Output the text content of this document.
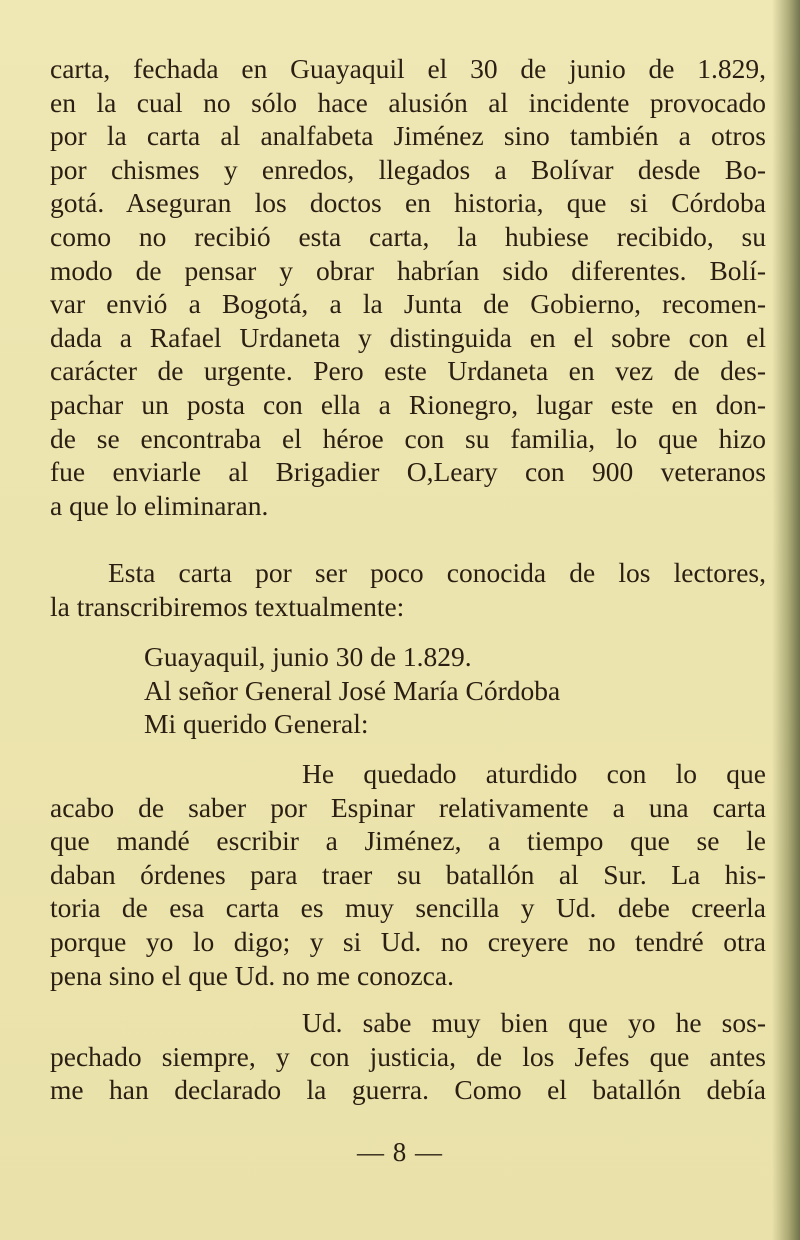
carta, fechada en Guayaquil el 30 de junio de 1.829,
en la cual no sólo hace alusión al incidente provocado
por la carta al analfabeta Jiménez sino también a otros
por chismes y enredos, llegados a Bolívar desde Bo-
gotá. Aseguran los doctos en historia, que si Córdoba
como no recibió esta carta, la hubiese recibido, su
modo de pensar y obrar habrían sido diferentes. Bolí-
var envió a Bogotá, a la Junta de Gobierno, recomen-
dada a Rafael Urdaneta y distinguida en el sobre con el
carácter de urgente. Pero este Urdaneta en vez de des-
pachar un posta con ella a Rionegro, lugar este en don-
de se encontraba el héroe con su familia, lo que hizo
fue enviarle al Brigadier O,Leary con 900 veteranos
a que lo eliminaran.
Esta carta por ser poco conocida de los lectores,
la transcribiremos textualmente:
Guayaquil, junio 30 de 1.829.
Al señor General José María Córdoba
Mi querido General:
He quedado aturdido con lo que
acabo de saber por Espinar relativamente a una carta
que mandé escribir a Jiménez, a tiempo que se le
daban órdenes para traer su batallón al Sur. La his-
toria de esa carta es muy sencilla y Ud. debe creerla
porque yo lo digo; y si Ud. no creyere no tendré otra
pena sino el que Ud. no me conozca.
Ud. sabe muy bien que yo he sos-
pechado siempre, y con justicia, de los Jefes que antes
me han declarado la guerra. Como el batallón debía
— 8 —
